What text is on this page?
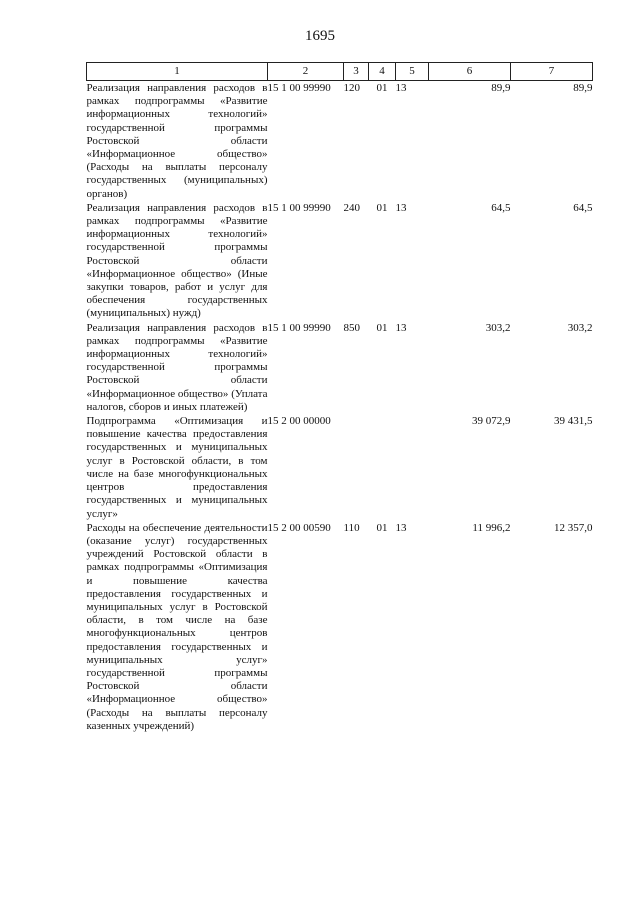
1695
1	2	3	4	5	6	7
Реализация направления расходов в рамках подпрограммы «Развитие информационных технологий» государственной программы Ростовской области «Информационное общество» (Расходы на выплаты персоналу государственных (муниципальных) органов)	15 1 00 99990	120	01	13	89,9	89,9
Реализация направления расходов в рамках подпрограммы «Развитие информационных технологий» государственной программы Ростовской области «Информационное общество» (Иные закупки товаров, работ и услуг для обеспечения государственных (муниципальных) нужд)	15 1 00 99990	240	01	13	64,5	64,5
Реализация направления расходов в рамках подпрограммы «Развитие информационных технологий» государственной программы Ростовской области «Информационное общество» (Уплата налогов, сборов и иных платежей)	15 1 00 99990	850	01	13	303,2	303,2
Подпрограмма «Оптимизация и повышение качества предоставления государственных и муниципальных услуг в Ростовской области, в том числе на базе многофункциональных центров предоставления государственных и муниципальных услуг»	15 2 00 00000				39 072,9	39 431,5
Расходы на обеспечение деятельности (оказание услуг) государственных учреждений Ростовской области в рамках подпрограммы «Оптимизация и повышение качества предоставления государственных и муниципальных услуг в Ростовской области, в том числе на базе многофункциональных центров предоставления государственных и муниципальных услуг» государственной программы Ростовской области «Информационное общество» (Расходы на выплаты персоналу казенных учреждений)	15 2 00 00590	110	01	13	11 996,2	12 357,0
